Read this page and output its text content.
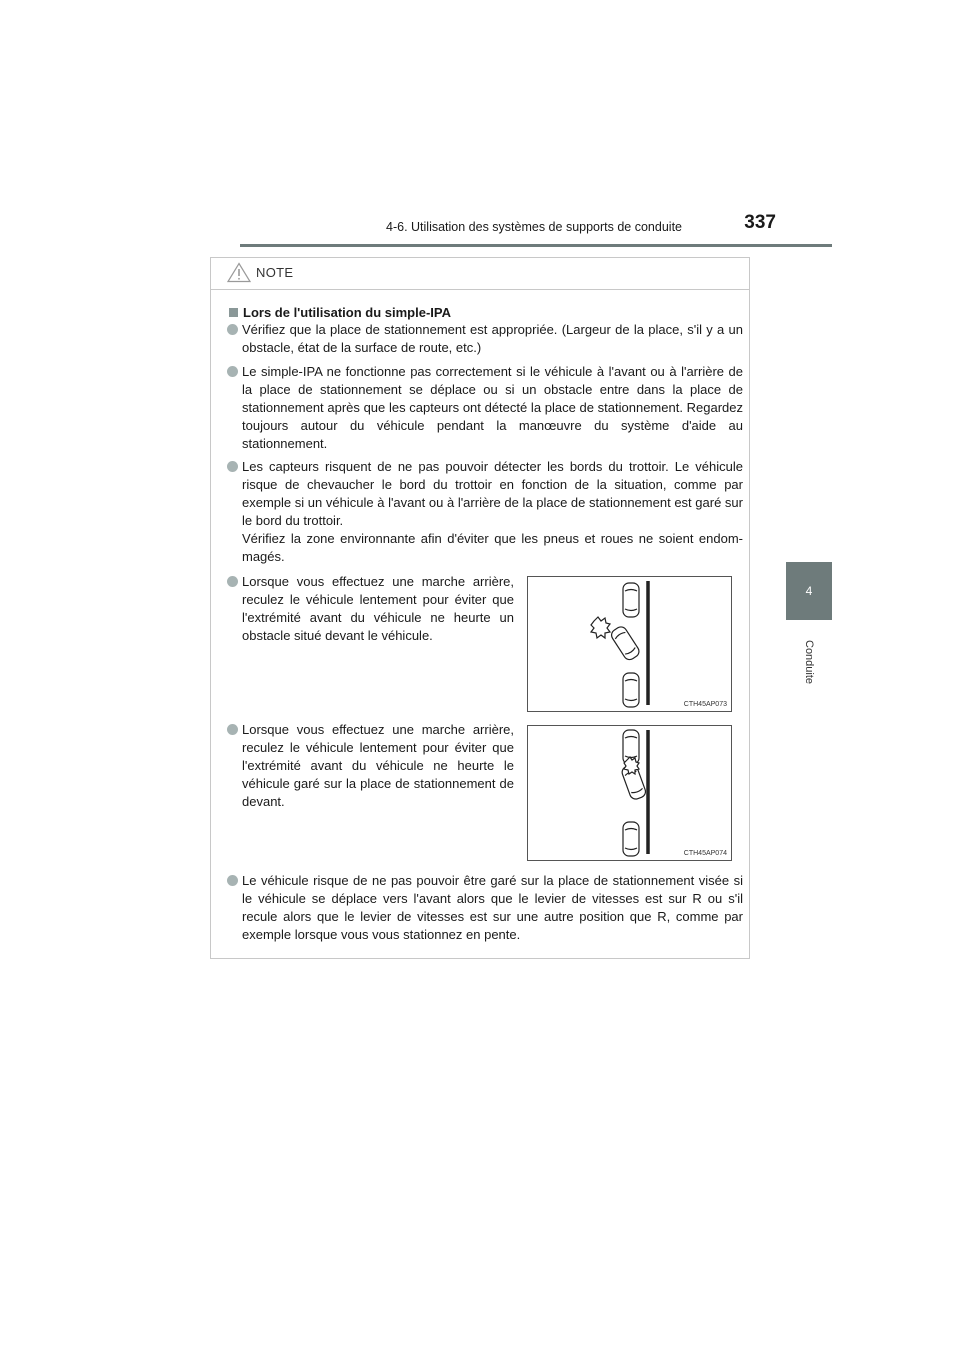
4-6. Utilisation des systèmes de supports de conduite	337
4
Conduite
NOTE
Lors de l'utilisation du simple-IPA

Vérifiez que la place de stationnement est appropriée. (Largeur de la place, s'il y a un obstacle, état de la surface de route, etc.)

Le simple-IPA ne fonctionne pas correctement si le véhicule à l'avant ou à l'arrière de la place de stationnement se déplace ou si un obstacle entre dans la place de stationnement après que les capteurs ont détecté la place de stationnement. Regardez toujours autour du véhicule pendant la manœuvre du système d'aide au stationnement.

Les capteurs risquent de ne pas pouvoir détecter les bords du trottoir. Le véhicule risque de chevaucher le bord du trottoir en fonction de la situation, comme par exemple si un véhicule à l'avant ou à l'arrière de la place de stationnement est garé sur le bord du trottoir.

Vérifiez la zone environnante afin d'éviter que les pneus et roues ne soient endom-magés.

Lorsque vous effectuez une marche arrière, reculez le véhicule lentement pour éviter que l'extrémité avant du véhicule ne heurte un obstacle situé devant le véhicule.

CTH45AP073

Lorsque vous effectuez une marche arrière, reculez le véhicule lentement pour éviter que l'extrémité avant du véhicule ne heurte le véhicule garé sur la place de stationnement de devant.

CTH45AP074

Le véhicule risque de ne pas pouvoir être garé sur la place de stationnement visée si le véhicule se déplace vers l'avant alors que le levier de vitesses est sur R ou s'il recule alors que le levier de vitesses est sur une autre position que R, comme par exemple lorsque vous vous stationnez en pente.
